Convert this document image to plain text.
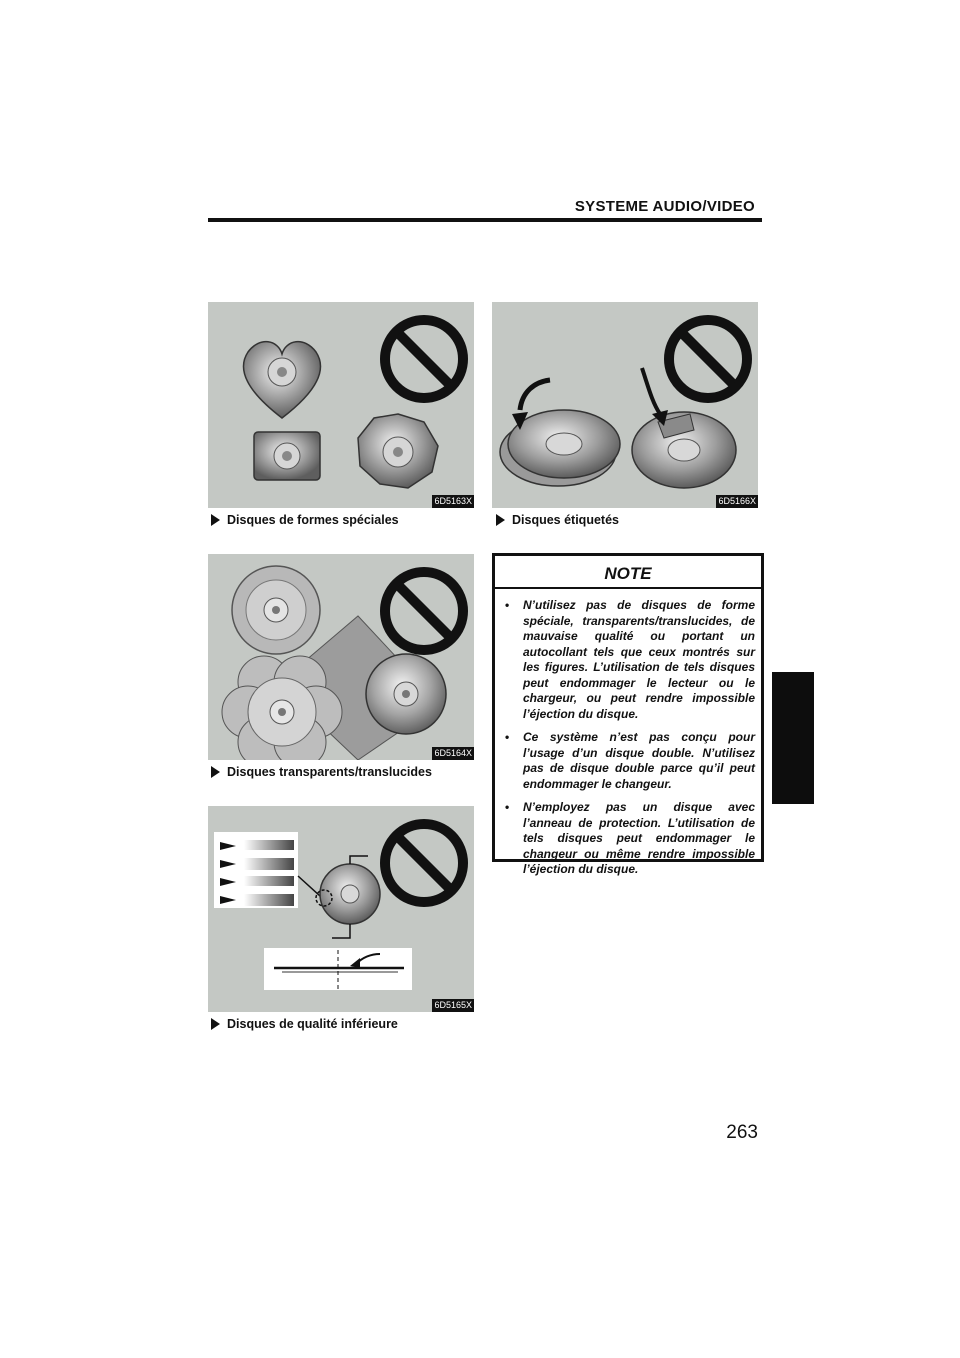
SYSTEME AUDIO/VIDEO
6D5163X
Disques de formes spéciales
6D5166X
Disques étiquetés
6D5164X
Disques transparents/translucides
6D5165X
Disques de qualité inférieure
NOTE
• N’utilisez pas de disques de forme spéciale, transparents/translucides, de mauvaise qualité ou portant un autocollant tels que ceux montrés sur les figures. L’utilisation de tels disques peut endommager le lecteur ou le chargeur, ou peut rendre impossible l’éjection du disque.
• Ce système n’est pas conçu pour l’usage d’un disque double. N’utilisez pas de disque double parce qu’il peut endommager le changeur.
• N’employez pas un disque avec l’anneau de protection. L’utilisation de tels disques peut endommager le changeur ou même rendre impossible l’éjection du disque.
263
